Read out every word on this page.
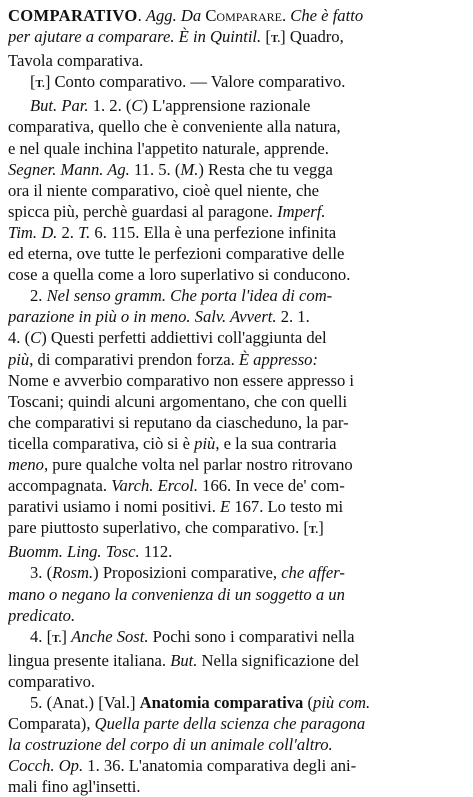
COMPARATIVO. Agg. Da Comparare. Che è fatto
per ajutare a comparare. È in Quintil. [T.] Quadro,
Tavola comparativa.
[T.] Conto comparativo. — Valore comparativo.
But. Par. 1. 2. (C) L'apprensione razionale
comparativa, quello che è conveniente alla natura,
e nel quale inchina l'appetito naturale, apprende.
Segner. Mann. Ag. 11. 5. (M.) Resta che tu vegga
ora il niente comparativo, cioè quel niente, che
spicca più, perchè guardasi al paragone. Imperf.
Tim. D. 2. T. 6. 115. Ella è una perfezione infinita
ed eterna, ove tutte le perfezioni comparative delle
cose a quella come a loro superlativo si conducono.
2. Nel senso gramm. Che porta l'idea di com-
parazione in più o in meno. Salv. Avvert. 2. 1.
4. (C) Questi perfetti addiettivi coll'aggiunta del
più, di comparativi prendon forza. È appresso:
Nome e avverbio comparativo non essere appresso i
Toscani; quindi alcuni argomentano, che con quelli
che comparativi si reputano da ciascheduno, la par-
ticella comparativa, ciò si è più, e la sua contraria
meno, pure qualche volta nel parlar nostro ritrovano
accompagnata. Varch. Ercol. 166. In vece de' com-
parativi usiamo i nomi positivi. E 167. Lo testo mi
pare piuttosto superlativo, che comparativo. [T.]
Buomm. Ling. Tosc. 112.
3. (Rosm.) Proposizioni comparative, che affer-
mano o negano la convenienza di un soggetto a un
predicato.
4. [T.] Anche Sost. Pochi sono i comparativi nella
lingua presente italiana. But. Nella significazione del
comparativo.
5. (Anat.) [Val.] Anatomia comparativa (più com.
Comparata), Quella parte della scienza che paragona
la costruzione del corpo di un animale coll'altro.
Cocch. Op. 1. 36. L'anatomia comparativa degli ani-
mali fino agl'insetti.
